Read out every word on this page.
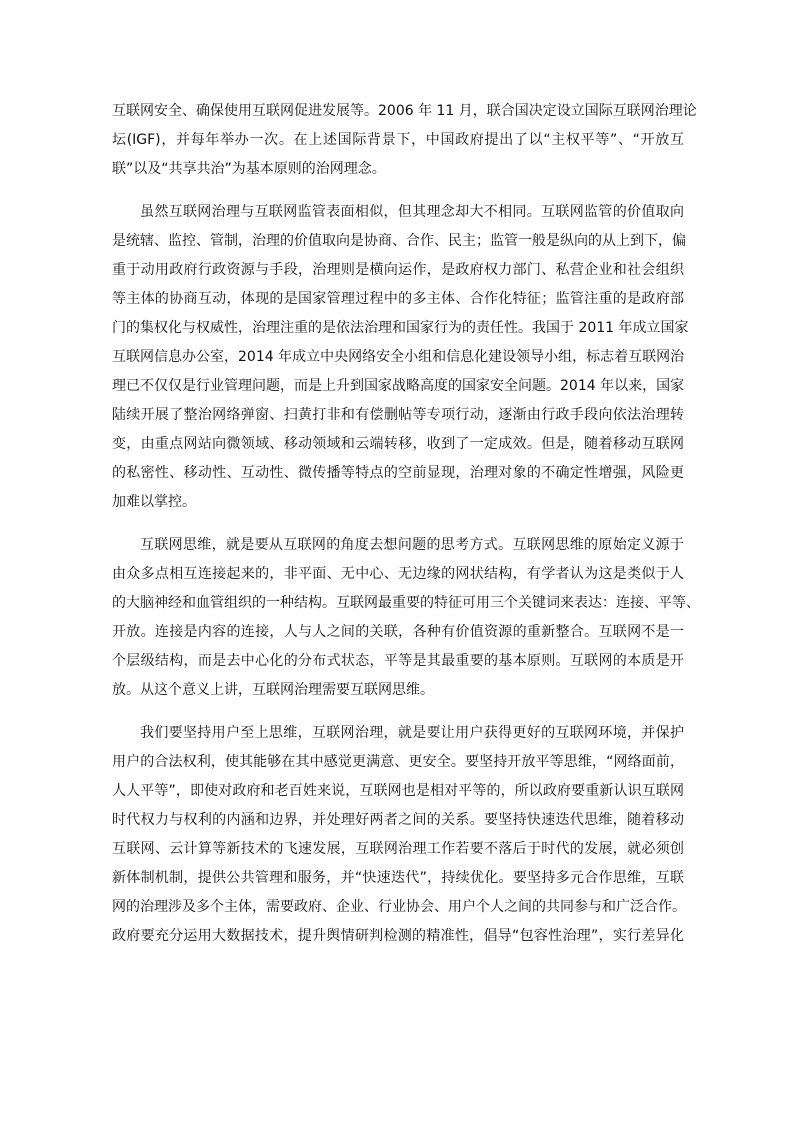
互联网安全、确保使用互联网促进发展等。2006 年 11 月，联合国决定设立国际互联网治理论
坛(IGF)，并每年举办一次。在上述国际背景下，中国政府提出了以“主权平等”、“开放互
联”以及“共享共治”为基本原则的治网理念。
虽然互联网治理与互联网监管表面相似，但其理念却大不相同。互联网监管的价值取向
是统辖、监控、管制，治理的价值取向是协商、合作、民主；监管一般是纵向的从上到下，偏
重于动用政府行政资源与手段，治理则是横向运作，是政府权力部门、私营企业和社会组织
等主体的协商互动，体现的是国家管理过程中的多主体、合作化特征；监管注重的是政府部
门的集权化与权威性，治理注重的是依法治理和国家行为的责任性。我国于 2011 年成立国家
互联网信息办公室，2014 年成立中央网络安全小组和信息化建设领导小组，标志着互联网治
理已不仅仅是行业管理问题，而是上升到国家战略高度的国家安全问题。2014 年以来，国家
陆续开展了整治网络弹窗、扫黄打非和有偿删帖等专项行动，逐渐由行政手段向依法治理转
变，由重点网站向微领域、移动领域和云端转移，收到了一定成效。但是，随着移动互联网
的私密性、移动性、互动性、微传播等特点的空前显现，治理对象的不确定性增强，风险更
加难以掌控。
互联网思维，就是要从互联网的角度去想问题的思考方式。互联网思维的原始定义源于
由众多点相互连接起来的，非平面、无中心、无边缘的网状结构，有学者认为这是类似于人
的大脑神经和血管组织的一种结构。互联网最重要的特征可用三个关键词来表达：连接、平等、
开放。连接是内容的连接，人与人之间的关联，各种有价值资源的重新整合。互联网不是一
个层级结构，而是去中心化的分布式状态，平等是其最重要的基本原则。互联网的本质是开
放。从这个意义上讲，互联网治理需要互联网思维。
我们要坚持用户至上思维，互联网治理，就是要让用户获得更好的互联网环境，并保护
用户的合法权利，使其能够在其中感觉更满意、更安全。要坚持开放平等思维，“网络面前，
人人平等”，即使对政府和老百姓来说，互联网也是相对平等的，所以政府要重新认识互联网
时代权力与权利的内涵和边界，并处理好两者之间的关系。要坚持快速迭代思维，随着移动
互联网、云计算等新技术的飞速发展，互联网治理工作若要不落后于时代的发展，就必须创
新体制机制，提供公共管理和服务，并“快速迭代”，持续优化。要坚持多元合作思维，互联
网的治理涉及多个主体，需要政府、企业、行业协会、用户个人之间的共同参与和广泛合作。
政府要充分运用大数据技术，提升舆情研判检测的精准性，倡导“包容性治理”，实行差异化
